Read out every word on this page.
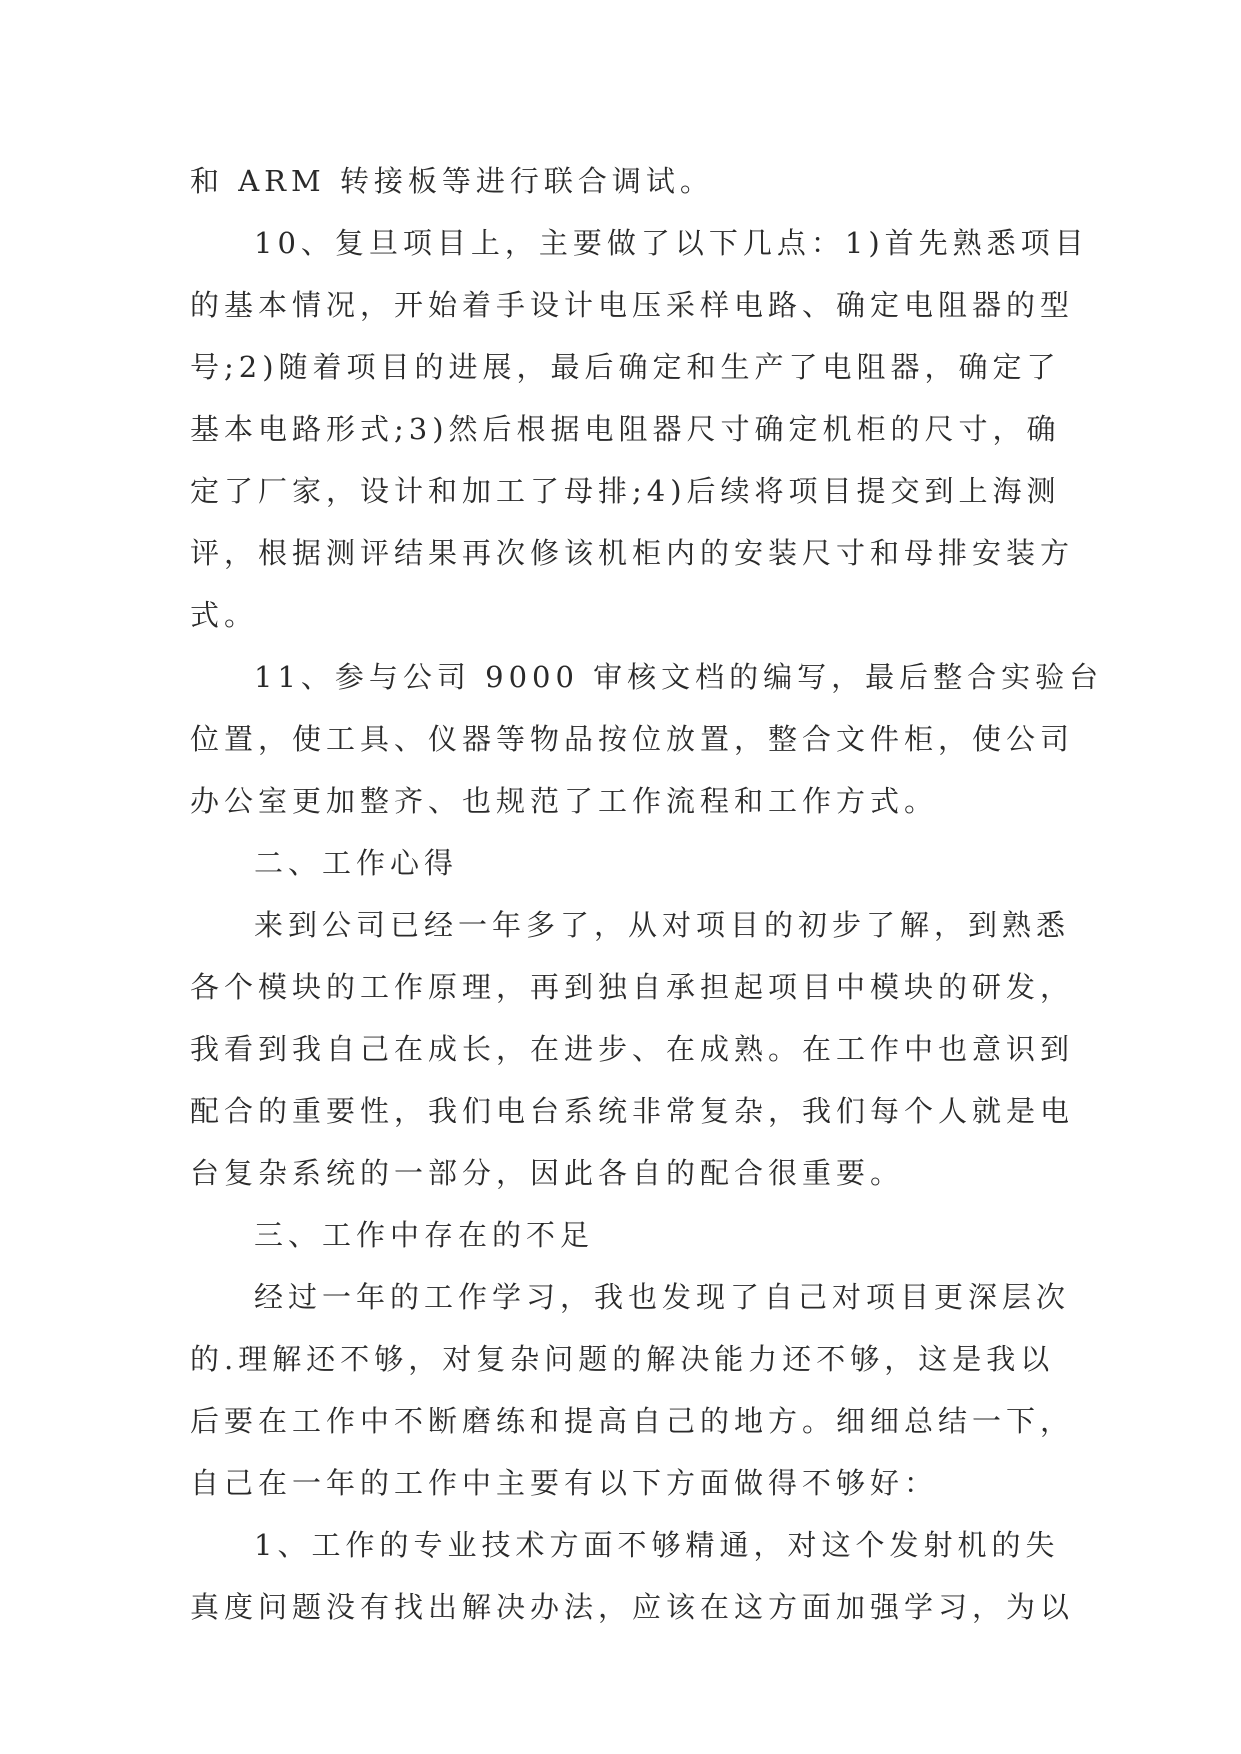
和 ARM 转接板等进行联合调试。
10、复旦项目上，主要做了以下几点：1)首先熟悉项目
的基本情况，开始着手设计电压采样电路、确定电阻器的型
号;2)随着项目的进展，最后确定和生产了电阻器，确定了
基本电路形式;3)然后根据电阻器尺寸确定机柜的尺寸，确
定了厂家，设计和加工了母排;4)后续将项目提交到上海测
评，根据测评结果再次修该机柜内的安装尺寸和母排安装方
式。
11、参与公司 9000 审核文档的编写，最后整合实验台
位置，使工具、仪器等物品按位放置，整合文件柜，使公司
办公室更加整齐、也规范了工作流程和工作方式。
二、工作心得
来到公司已经一年多了，从对项目的初步了解，到熟悉
各个模块的工作原理，再到独自承担起项目中模块的研发，
我看到我自己在成长，在进步、在成熟。在工作中也意识到
配合的重要性，我们电台系统非常复杂，我们每个人就是电
台复杂系统的一部分，因此各自的配合很重要。
三、工作中存在的不足
经过一年的工作学习，我也发现了自己对项目更深层次
的.理解还不够，对复杂问题的解决能力还不够，这是我以
后要在工作中不断磨练和提高自己的地方。细细总结一下，
自己在一年的工作中主要有以下方面做得不够好：
1、工作的专业技术方面不够精通，对这个发射机的失
真度问题没有找出解决办法，应该在这方面加强学习，为以
